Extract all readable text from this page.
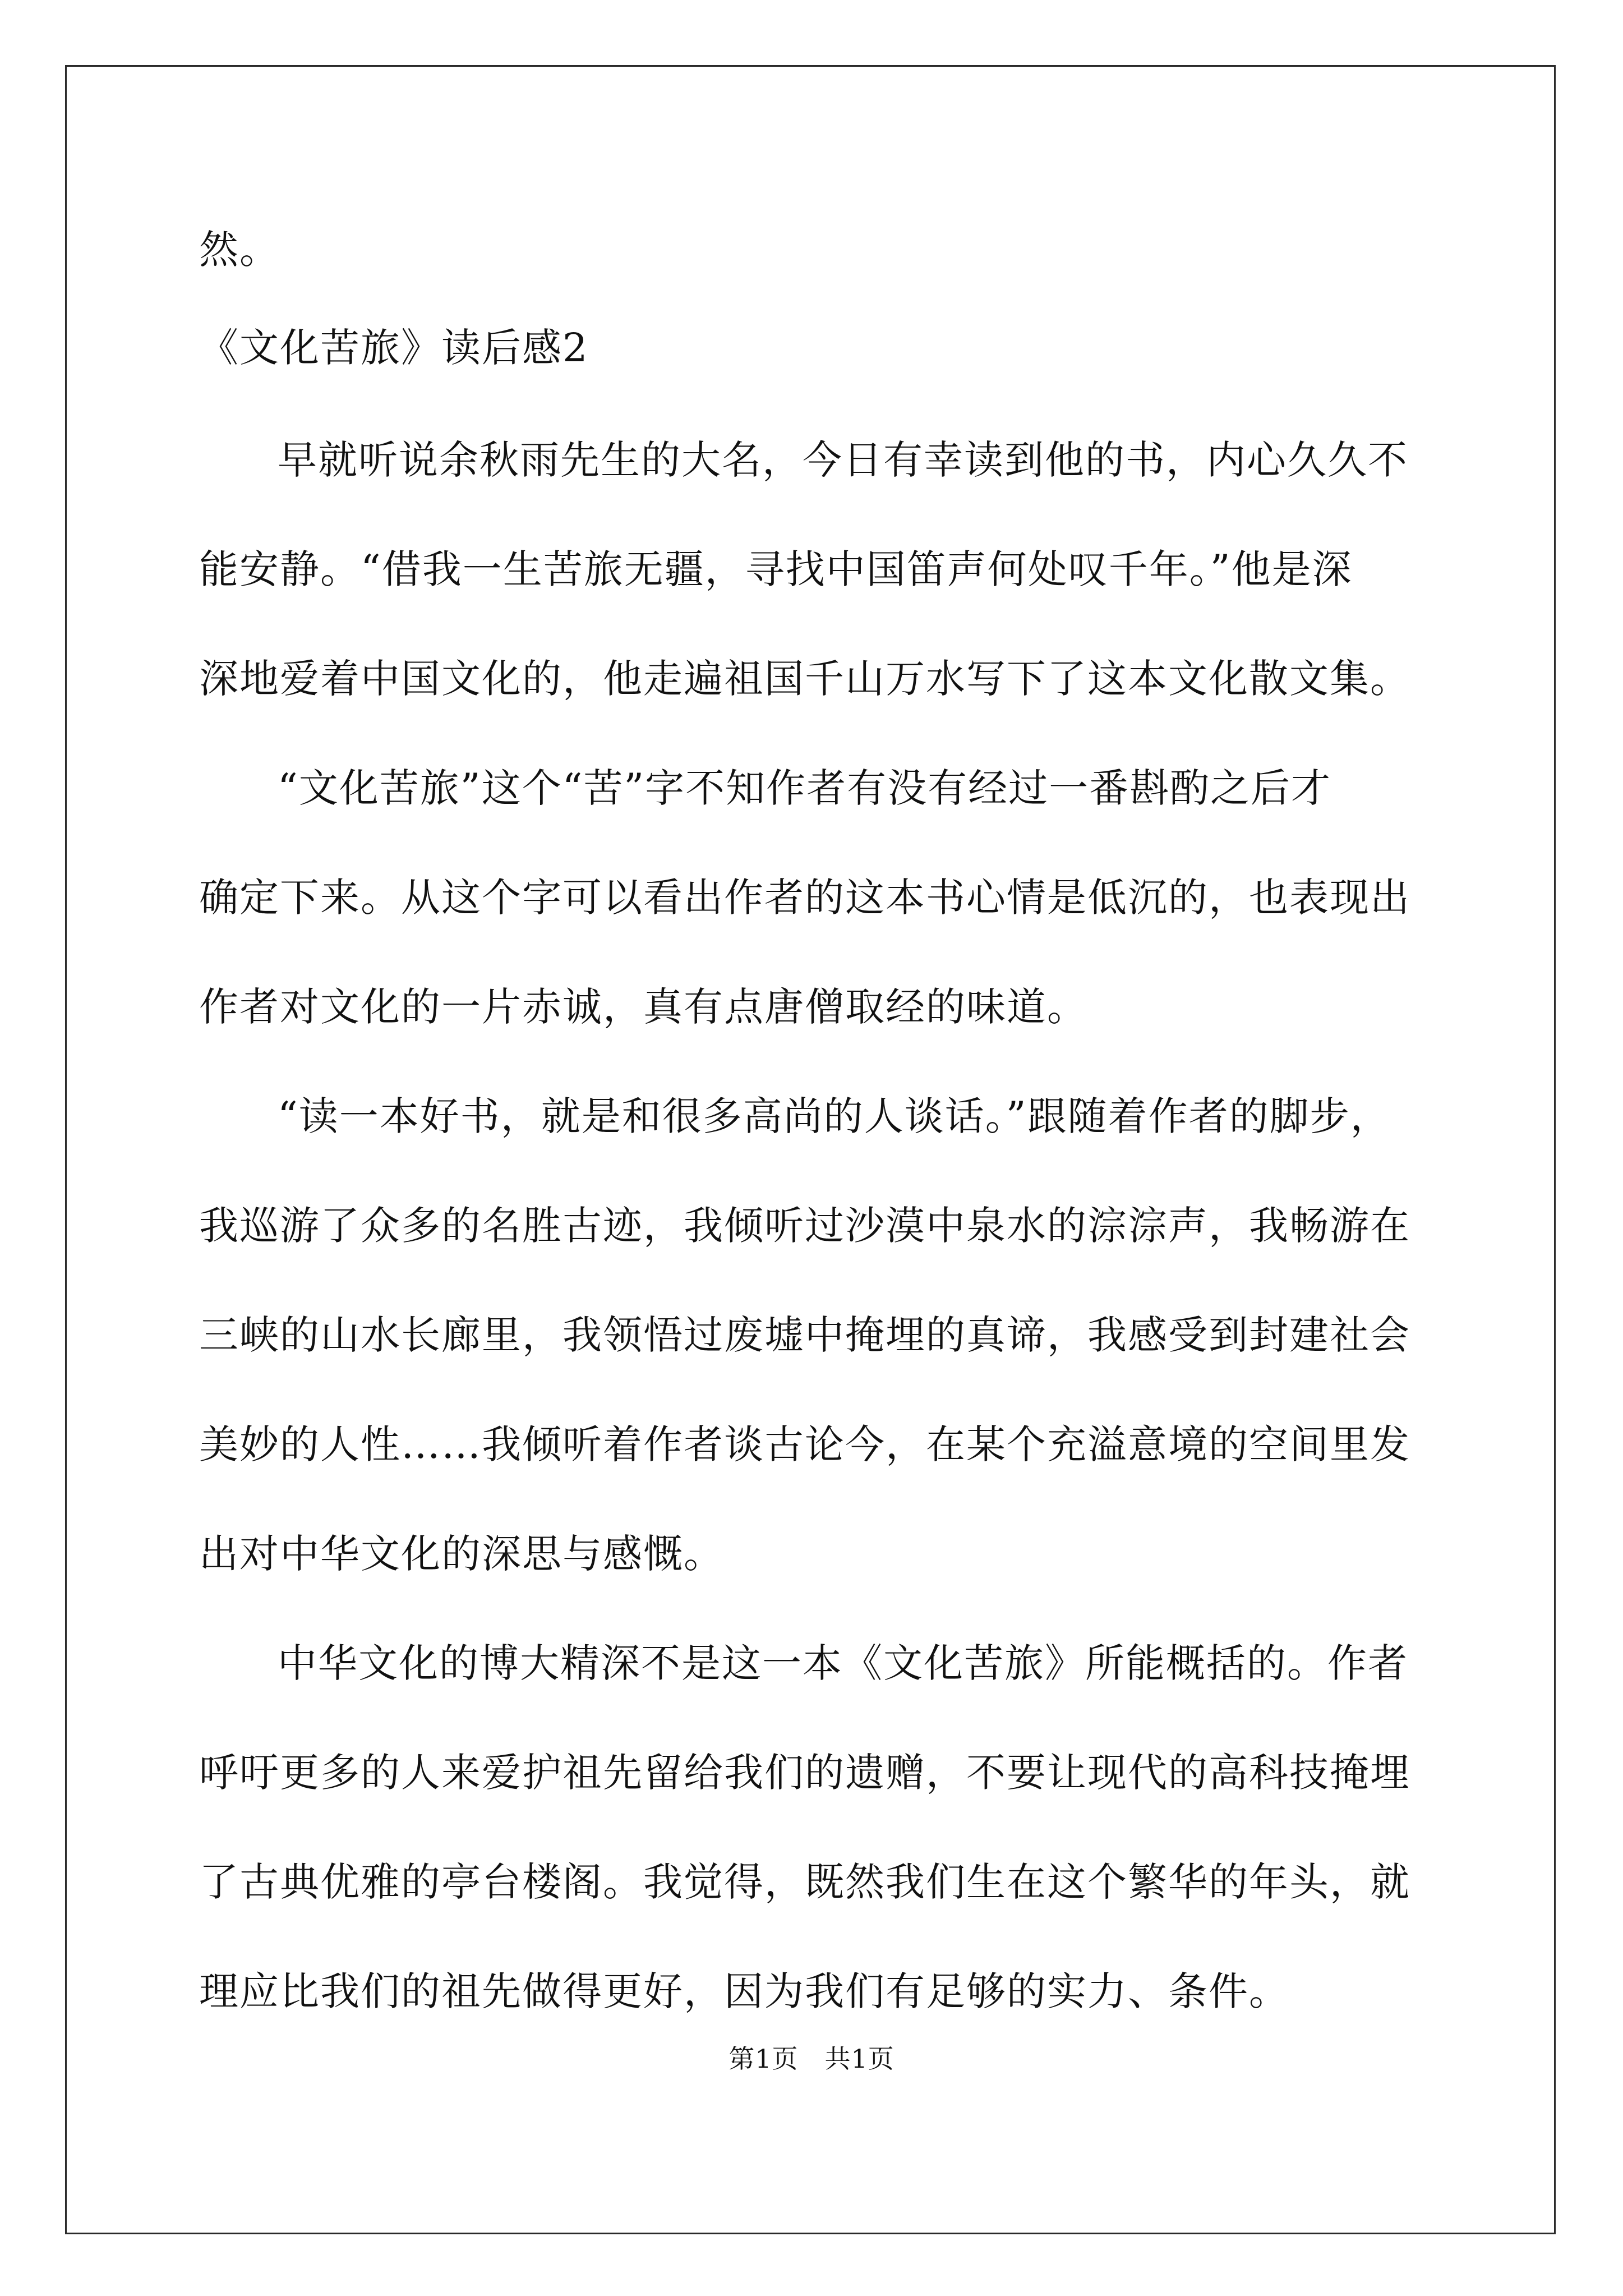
然。
《文化苦旅》读后感2
早就听说余秋雨先生的大名，今日有幸读到他的书，内心久久不
能安静。“借我一生苦旅无疆，寻找中国笛声何处叹千年。”他是深
深地爱着中国文化的，他走遍祖国千山万水写下了这本文化散文集。
“文化苦旅”这个“苦”字不知作者有没有经过一番斟酌之后才
确定下来。从这个字可以看出作者的这本书心情是低沉的，也表现出
作者对文化的一片赤诚，真有点唐僧取经的味道。
“读一本好书，就是和很多高尚的人谈话。”跟随着作者的脚步，
我巡游了众多的名胜古迹，我倾听过沙漠中泉水的淙淙声，我畅游在
三峡的山水长廊里，我领悟过废墟中掩埋的真谛，我感受到封建社会
美妙的人性……我倾听着作者谈古论今，在某个充溢意境的空间里发
出对中华文化的深思与感慨。
中华文化的博大精深不是这一本《文化苦旅》所能概括的。作者
呼吁更多的人来爱护祖先留给我们的遗赠，不要让现代的高科技掩埋
了古典优雅的亭台楼阁。我觉得，既然我们生在这个繁华的年头，就
理应比我们的祖先做得更好，因为我们有足够的实力、条件。
第1页　共1页
